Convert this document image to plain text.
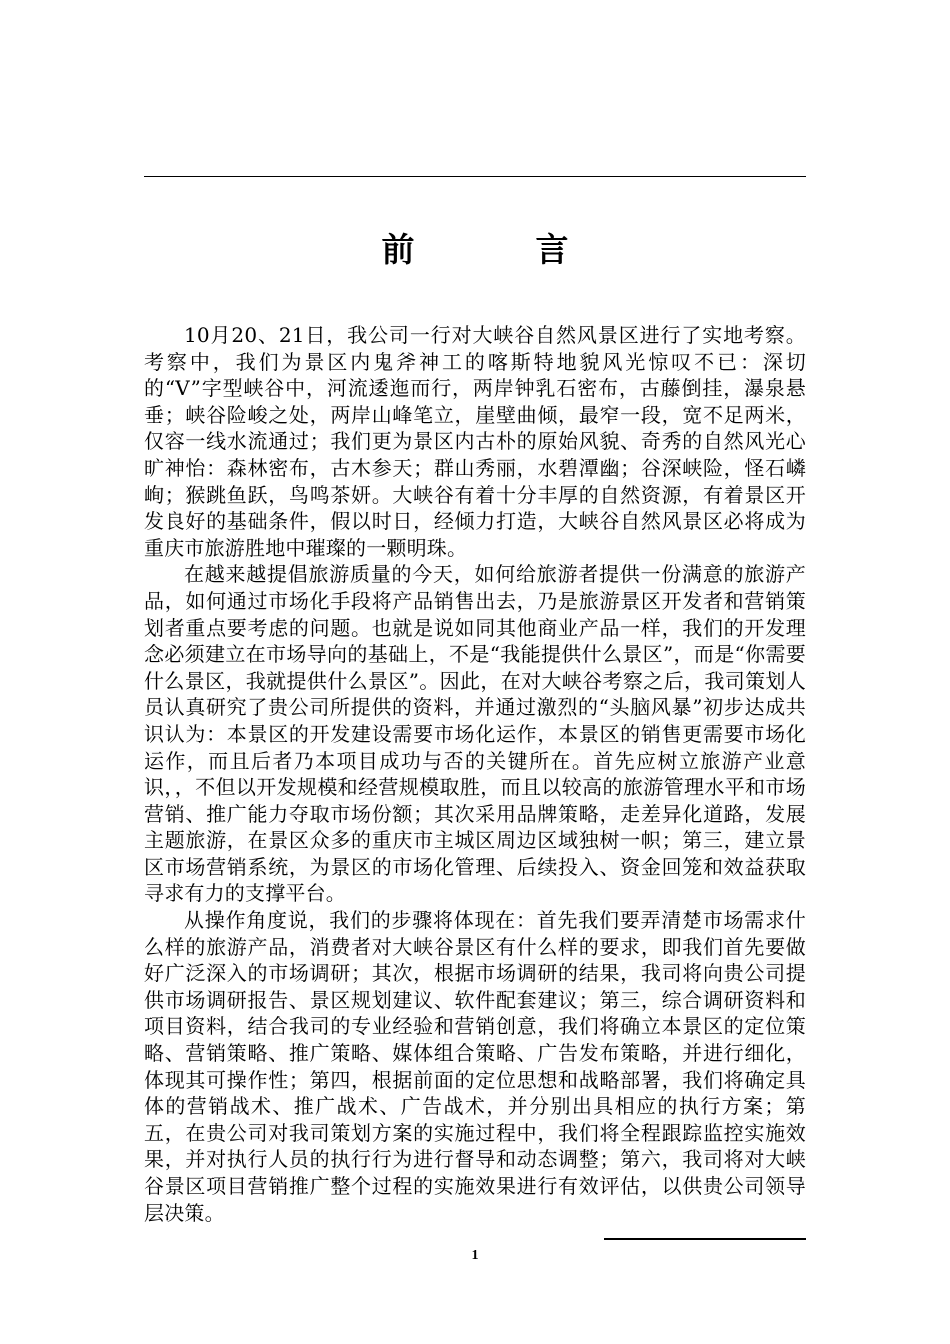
前　言

10月20、21日，我公司一行对大峡谷自然风景区进行了实地考察。考察中，我们为景区内鬼斧神工的喀斯特地貌风光惊叹不已：深切的“V”字型峡谷中，河流逶迤而行，两岸钟乳石密布，古藤倒挂，瀑泉悬垂；峡谷险峻之处，两岸山峰笔立，崖壁曲倾，最窄一段，宽不足两米，仅容一线水流通过；我们更为景区内古朴的原始风貌、奇秀的自然风光心旷神怡：森林密布，古木参天；群山秀丽，水碧潭幽；谷深峡险，怪石嶙峋；猴跳鱼跃，鸟鸣茶妍。大峡谷有着十分丰厚的自然资源，有着景区开发良好的基础条件，假以时日，经倾力打造，大峡谷自然风景区必将成为重庆市旅游胜地中璀璨的一颗明珠。

在越来越提倡旅游质量的今天，如何给旅游者提供一份满意的旅游产品，如何通过市场化手段将产品销售出去，乃是旅游景区开发者和营销策划者重点要考虑的问题。也就是说如同其他商业产品一样，我们的开发理念必须建立在市场导向的基础上，不是“我能提供什么景区”，而是“你需要什么景区，我就提供什么景区”。因此，在对大峡谷考察之后，我司策划人员认真研究了贵公司所提供的资料，并通过激烈的“头脑风暴”初步达成共识认为：本景区的开发建设需要市场化运作，本景区的销售更需要市场化运作，而且后者乃本项目成功与否的关键所在。首先应树立旅游产业意识，，不但以开发规模和经营规模取胜，而且以较高的旅游管理水平和市场营销、推广能力夺取市场份额；其次采用品牌策略，走差异化道路，发展主题旅游，在景区众多的重庆市主城区周边区域独树一帜；第三，建立景区市场营销系统，为景区的市场化管理、后续投入、资金回笼和效益获取寻求有力的支撑平台。

从操作角度说，我们的步骤将体现在：首先我们要弄清楚市场需求什么样的旅游产品，消费者对大峡谷景区有什么样的要求，即我们首先要做好广泛深入的市场调研；其次，根据市场调研的结果，我司将向贵公司提供市场调研报告、景区规划建议、软件配套建议；第三，综合调研资料和项目资料，结合我司的专业经验和营销创意，我们将确立本景区的定位策略、营销策略、推广策略、媒体组合策略、广告发布策略，并进行细化，体现其可操作性；第四，根据前面的定位思想和战略部署，我们将确定具体的营销战术、推广战术、广告战术，并分别出具相应的执行方案；第五，在贵公司对我司策划方案的实施过程中，我们将全程跟踪监控实施效果，并对执行人员的执行行为进行督导和动态调整；第六，我司将对大峡谷景区项目营销推广整个过程的实施效果进行有效评估，以供贵公司领导层决策。

1
